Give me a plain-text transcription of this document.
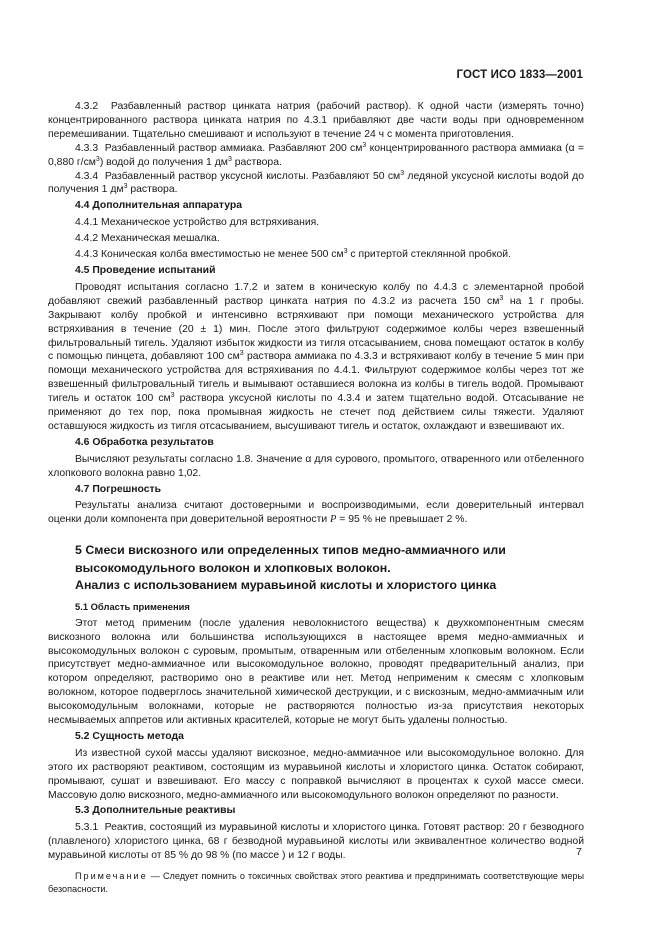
ГОСТ ИСО 1833—2001

4.3.2 Разбавленный раствор цинката натрия (рабочий раствор). К одной части (измерять точно) концентрированного раствора цинката натрия по 4.3.1 прибавляют две части воды при одновременном перемешивании. Тщательно смешивают и используют в течение 24 ч с момента приготовления.

4.3.3 Разбавленный раствор аммиака. Разбавляют 200 $см^3$ концентрированного раствора аммиака (α = 0,880 $г/см^3$) водой до получения 1 $дм^3$ раствора.

4.3.4 Разбавленный раствор уксусной кислоты. Разбавляют 50 $см^3$ ледяной уксусной кислоты водой до получения 1 $дм^3$ раствора.

4.4 Дополнительная аппаратура
4.4.1 Механическое устройство для встряхивания.
4.4.2 Механическая мешалка.
4.4.3 Коническая колба вместимостью не менее 500 $см^3$ с притертой стеклянной пробкой.
4.5 Проведение испытаний

Проводят испытания согласно 1.7.2 и затем в коническую колбу по 4.4.3 с элементарной пробой добавляют свежий разбавленный раствор цинката натрия по 4.3.2 из расчета 150 $см^3$ на 1 г пробы. Закрывают колбу пробкой и интенсивно встряхивают при помощи механического устройства для встряхивания в течение (20 ± 1) мин. После этого фильтруют содержимое колбы через взвешенный фильтровальный тигель. Удаляют избыток жидкости из тигля отсасыванием, снова помещают остаток в колбу с помощью пинцета, добавляют 100 $см^3$ раствора аммиака по 4.3.3 и встряхивают колбу в течение 5 мин при помощи механического устройства для встряхивания по 4.4.1. Фильтруют содержимое колбы через тот же взвешенный фильтровальный тигель и вымывают оставшиеся волокна из колбы в тигель водой. Промывают тигель и остаток 100 $см^3$ раствора уксусной кислоты по 4.3.4 и затем тщательно водой. Отсасывание не применяют до тех пор, пока промывная жидкость не стечет под действием силы тяжести. Удаляют оставшуюся жидкость из тигля отсасыванием, высушивают тигель и остаток, охлаждают и взвешивают их.

4.6 Обработка результатов

Вычисляют результаты согласно 1.8. Значение α для сурового, промытого, отваренного или отбеленного хлопкового волокна равно 1,02.

4.7 Погрешность

Результаты анализа считают достоверными и воспроизводимыми, если доверительный интервал оценки доли компонента при доверительной вероятности P = 95 % не превышает 2 %.

5 Смеси вискозного или определенных типов медно-аммиачного или
высокомодульного волокон и хлопковых волокон.
Анализ с использованием муравьиной кислоты и хлористого цинка
5.1 Область применения

Этот метод применим (после удаления неволокнистого вещества) к двухкомпонентным смесям вискозного волокна или большинства использующихся в настоящее время медно-аммиачных и высокомодульных волокон с суровым, промытым, отваренным или отбеленным хлопковым волокном. Если присутствует медно-аммиачное или высокомодульное волокно, проводят предварительный анализ, при котором определяют, растворимо оно в реактиве или нет. Метод неприменим к смесям с хлопковым волокном, которое подверглось значительной химической деструкции, и с вискозным, медно-аммиачным или высокомодульным волокнами, которые не растворяются полностью из-за присутствия некоторых несмываемых аппретов или активных красителей, которые не могут быть удалены полностью.

5.2 Сущность метода

Из известной сухой массы удаляют вискозное, медно-аммиачное или высокомодульное волокно. Для этого их растворяют реактивом, состоящим из муравьиной кислоты и хлористого цинка. Остаток собирают, промывают, сушат и взвешивают. Его массу с поправкой вычисляют в процентах к сухой массе смеси. Массовую долю вискозного, медно-аммиачного или высокомодульного волокон определяют по разности.

5.3 Дополнительные реактивы

5.3.1 Реактив, состоящий из муравьиной кислоты и хлористого цинка. Готовят раствор: 20 г безводного (плавленого) хлористого цинка, 68 г безводной муравьиной кислоты или эквивалентное количество водной муравьиной кислоты от 85 % до 98 % (по массе ) и 12 г воды.

Примечание — Следует помнить о токсичных свойствах этого реактива и предпринимать соответствующие меры безопасности.

7
